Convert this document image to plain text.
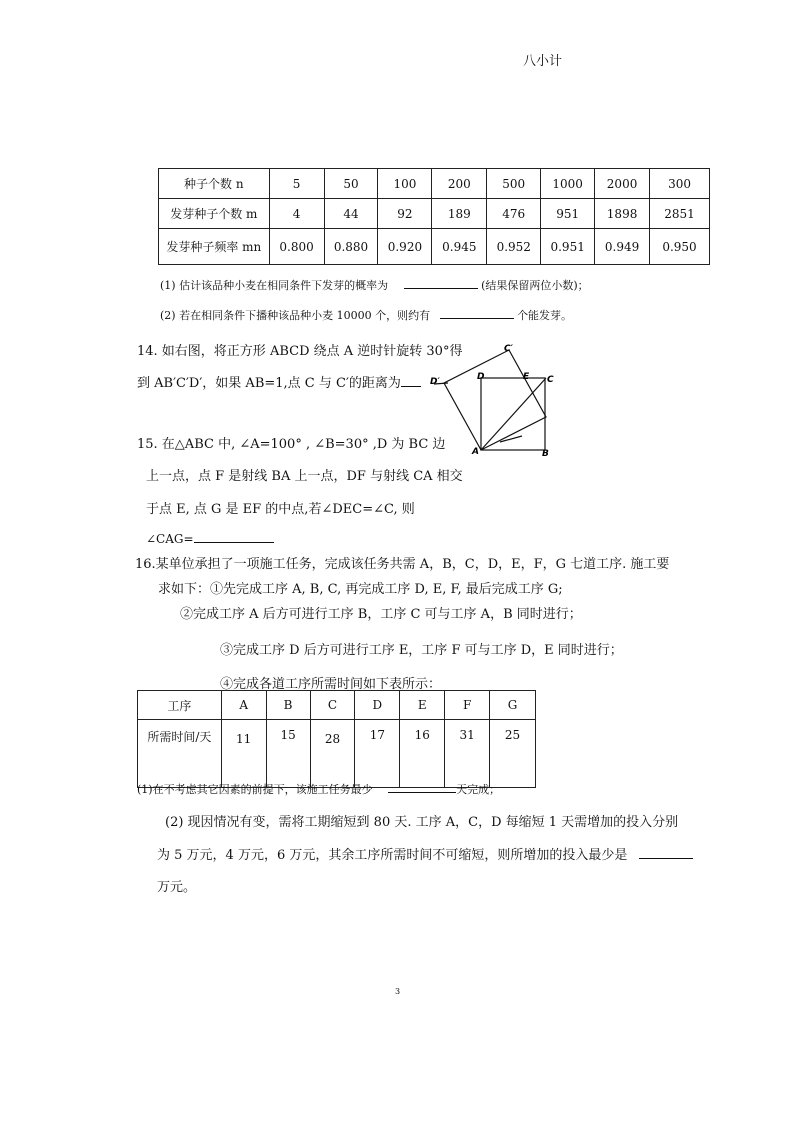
八小计
种子个数 n	5	50	100	200	500	1000	2000	300
发芽种子个数 m	4	44	92	189	476	951	1898	2851
发芽种子频率 mn	0.800	0.880	0.920	0.945	0.952	0.951	0.949	0.950
(1) 估计该品种小麦在相同条件下发芽的概率为	(结果保留两位小数)；
(2) 若在相同条件下播种该品种小麦 10000 个，则约有	个能发芽。
14. 如右图，将正方形 ABCD 绕点 A 逆时针旋转 30°得
到 AB′C′D′，如果 AB=1,点 C 与 C′的距离为
C′
D′	D	E C
A	B
15. 在△ABC 中, ∠A=100° , ∠B=30° ,D 为 BC 边
上一点，点 F 是射线 BA 上一点，DF 与射线 CA 相交
于点 E, 点 G 是 EF 的中点,若∠DEC=∠C, 则
∠CAG=
16.某单位承担了一项施工任务，完成该任务共需 A，B，C，D，E，F，G 七道工序. 施工要
求如下：①先完成工序 A, B, C, 再完成工序 D, E, F, 最后完成工序 G;
②完成工序 A 后方可进行工序 B，工序 C 可与工序 A，B 同时进行；
③完成工序 D 后方可进行工序 E，工序 F 可与工序 D，E 同时进行；
④完成各道工序所需时间如下表所示：
工序	A	B	C	D	E	F	G
所需时间/天	11	15	28	17	16	31	25
(1)在不考虑其它因素的前提下，该施工任务最少	天完成；
(2) 现因情况有变，需将工期缩短到 80 天. 工序 A，C，D 每缩短 1 天需增加的投入分别
为 5 万元，4 万元，6 万元，其余工序所需时间不可缩短，则所增加的投入最少是
万元。
3
